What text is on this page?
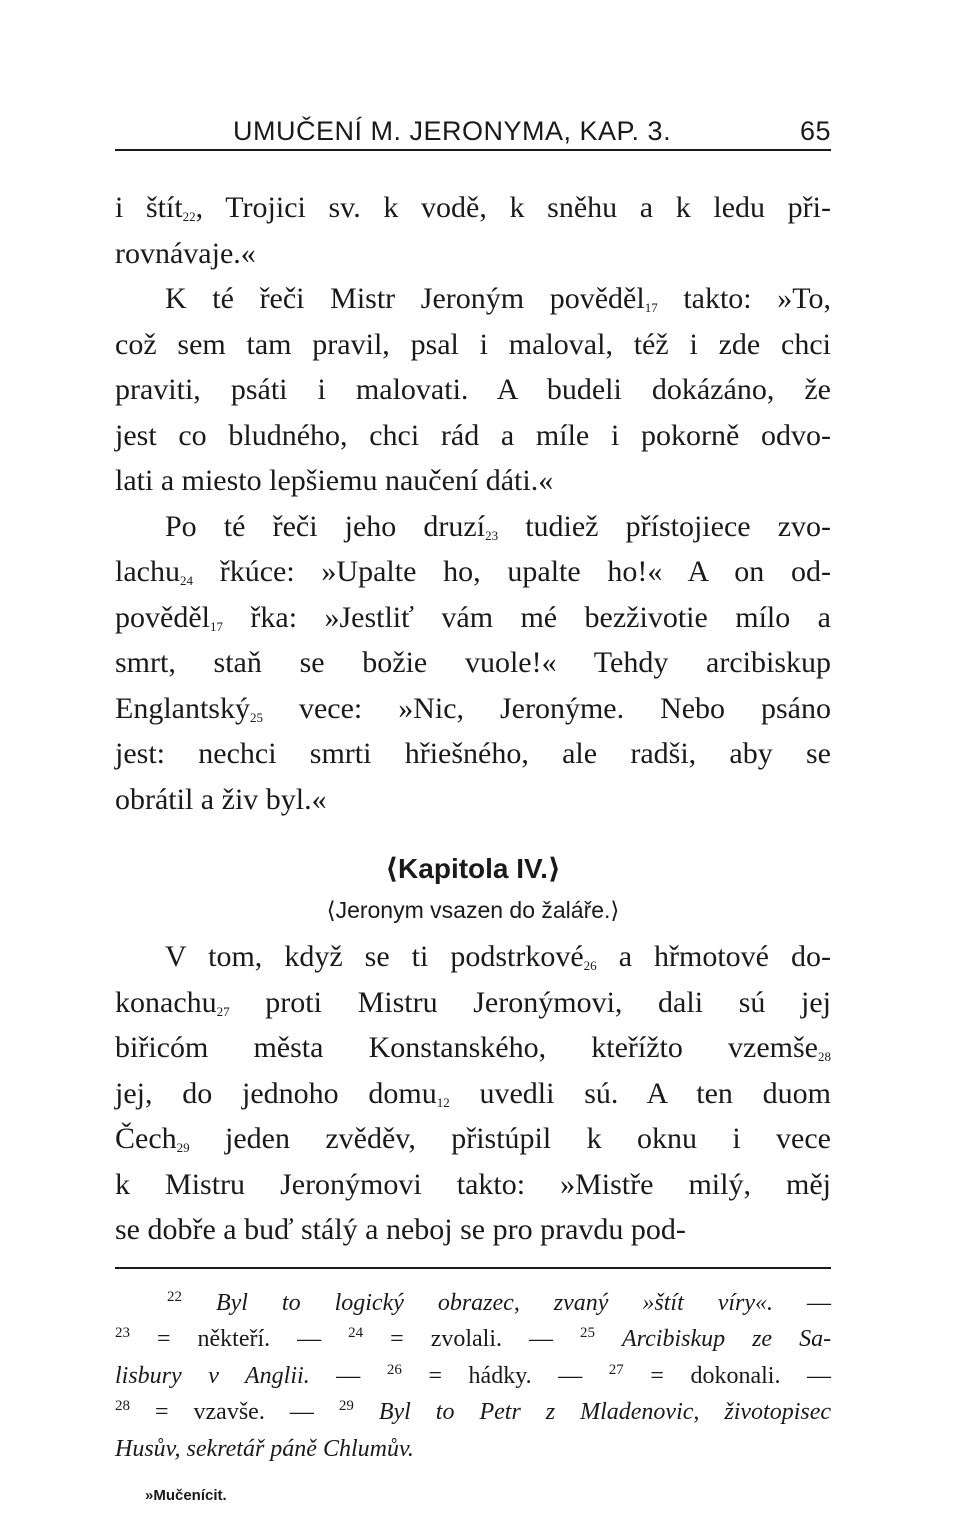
UMUČENÍ M. JERONYMA, KAP. 3.	65
i štít$_{22}$, Trojici sv. k vodě, k sněhu a k ledu při-
rovnávaje.«
K té řeči Mistr Jeroným pověděl$_{17}$ takto: »To,
což sem tam pravil, psal i maloval, též i zde chci
praviti, psáti i malovati. A budeli dokázáno, že
jest co bludného, chci rád a míle i pokorně odvo-
lati a miesto lepšiemu naučení dáti.«
Po té řeči jeho druzí$_{23}$ tudiež přístojiece zvo-
lachu$_{24}$ řkúce: »Upalte ho, upalte ho!« A on od-
pověděl$_{17}$ řka: »Jestliť vám mé bezživotie mílo a
smrt, staň se božie vuole!« Tehdy arcibiskup
Englantský$_{25}$ vece: »Nic, Jeronýme. Nebo psáno
jest: nechci smrti hřiešného, ale radši, aby se
obrátil a živ byl.«
⟨Kapitola IV.⟩
⟨Jeronym vsazen do žaláře.⟩
V tom, když se ti podstrkové$_{26}$ a hřmotové do-
konachu$_{27}$ proti Mistru Jeronýmovi, dali sú jej
biřicóm města Konstanského, kteřížto vzemše$_{28}$
jej, do jednoho domu$_{12}$ uvedli sú. A ten duom
Čech$_{29}$ jeden zvěděv, přistúpil k oknu i vece
k Mistru Jeronýmovi takto: »Mistře milý, měj
se dobře a buď stálý a neboj se pro pravdu pod-
$^{22}$ Byl to logický obrazec, zvaný »štít víry«. —
$^{23}$ = někteří. — $^{24}$ = zvolali. — $^{25}$ Arcibiskup ze Sa-
lisbury v Anglii. — $^{26}$ = hádky. — $^{27}$ = dokonali. —
$^{28}$ = vzavše. — $^{29}$ Byl to Petr z Mladenovic, životopisec
Husův, sekretář páně Chlumův.
»Mučenícit.
